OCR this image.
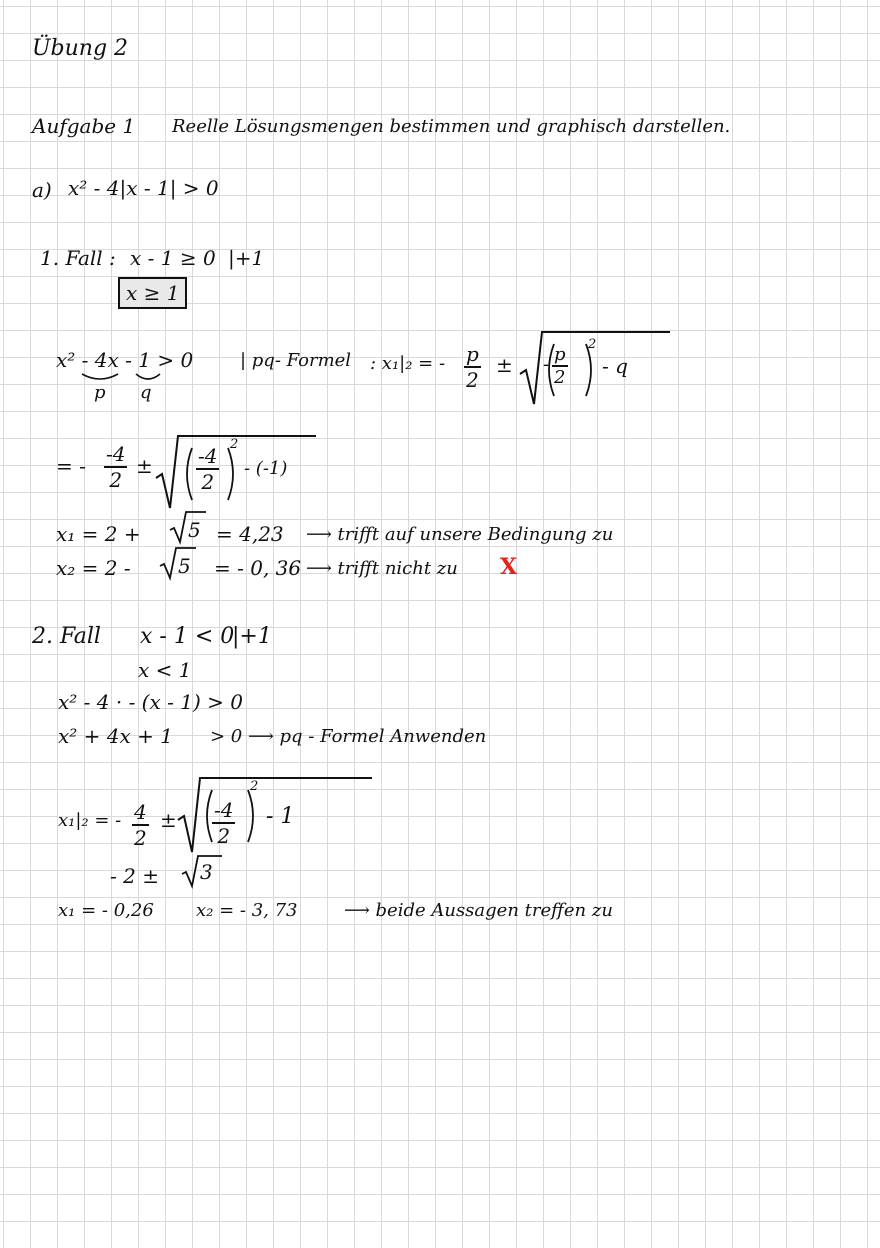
Übung 2
Aufgabe 1 Reelle Lösungsmengen bestimmen und graphisch darstellen.
a) x² - 4|x - 1| > 0
1. Fall : x - 1 ≥ 0 |+1
x ≥ 1
x² - 4x - 1 > 0
p q
| pq- Formel : x₁|₂ = - $\frac{p}{2}$ ± - $\frac{p}{2} 2$
- q
= - $\frac{-4}{2} \pm \frac{-4}{2} 2$
- (-1)
x₁ = 2 + 5 = 4,23 ⟶ trifft auf unsere Bedingung zu
x₂ = 2 - 5 = - 0, 36 ⟶ trifft nicht zu X
2. Fall x - 1 < 0
|+1
x < 1
x² - 4 · - (x - 1) > 0
x² + 4x + 1 > 0 ⟶ pq - Formel Anwenden
x₁|₂ = - $\frac{4}{2} \pm \frac{-4}{2}$
2
- 1
- 2 ± 3
x₁ = - 0,26 x₂ = - 3, 73	⟶ beide Aussagen treffen zu
